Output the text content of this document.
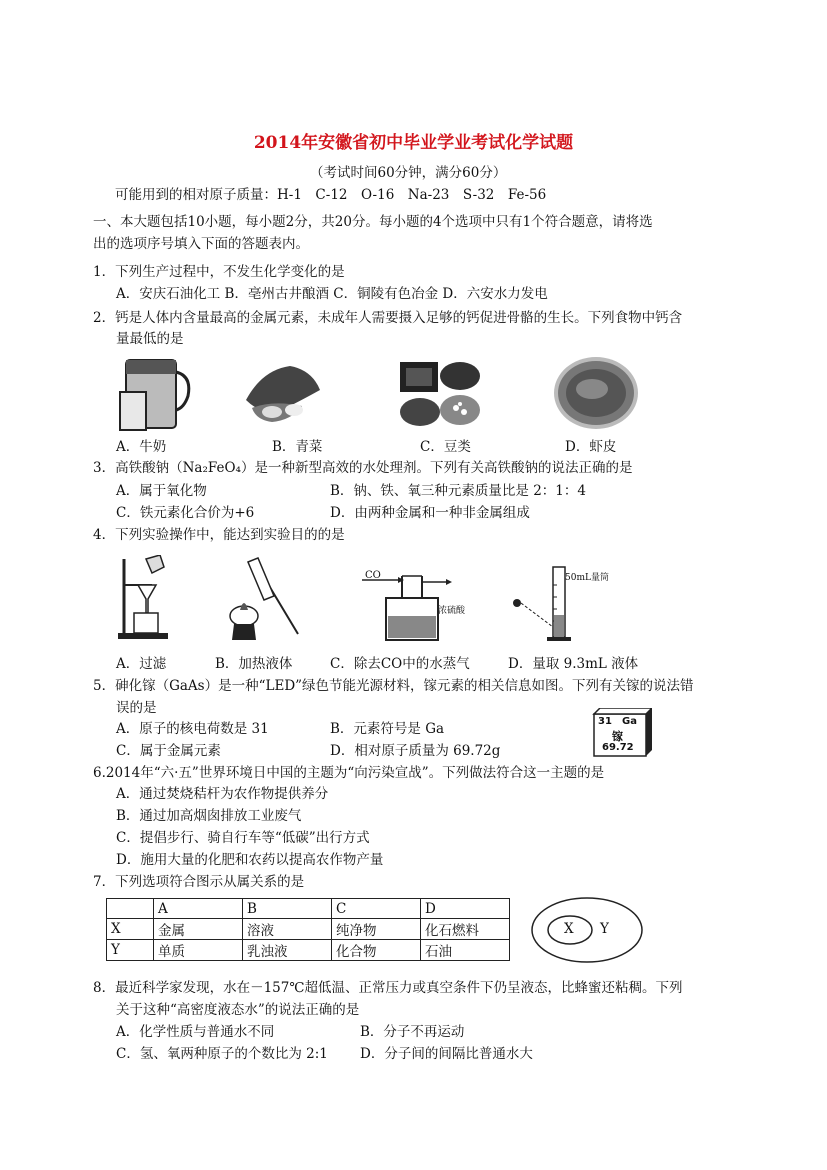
2014年安徽省初中毕业学业考试化学试题
（考试时间60分钟，满分60分）
可能用到的相对原子质量：H-1　C-12　O-16　Na-23　S-32　Fe-56
一、本大题包括10小题，每小题2分，共20分。每小题的4个选项中只有1个符合题意，请将选
出的选项序号填入下面的答题表内。
1．下列生产过程中，不发生化学变化的是
A．安庆石油化工 B．亳州古井酿酒 C．铜陵有色冶金 D．六安水力发电
2．钙是人体内含量最高的金属元素，未成年人需要摄入足够的钙促进骨骼的生长。下列食物中钙含
量最低的是
A．牛奶	B．青菜	C．豆类	D．虾皮
3．高铁酸钠（Na₂FeO₄）是一种新型高效的水处理剂。下列有关高铁酸钠的说法正确的是
A．属于氧化物	B．钠、铁、氧三种元素质量比是 2：1：4
C．铁元素化合价为+6	D．由两种金属和一种非金属组成
4．下列实验操作中，能达到实验目的的是
CO
浓硫酸
50mL量筒
A．过滤	B．加热液体	C．除去CO中的水蒸气	D．量取 9.3mL 液体
5．砷化镓（GaAs）是一种“LED”绿色节能光源材料，镓元素的相关信息如图。下列有关镓的说法错
误的是
A．原子的核电荷数是 31	B．元素符号是 Ga
C．属于金属元素	D．相对原子质量为 69.72g
31 Ga
镓
69.72
6.2014年“六·五”世界环境日中国的主题为“向污染宣战”。下列做法符合这一主题的是
A．通过焚烧秸杆为农作物提供养分
B．通过加高烟囱排放工业废气
C．提倡步行、骑自行车等“低碳”出行方式
D．施用大量的化肥和农药以提高农作物产量
7．下列选项符合图示从属关系的是
	A	B	C	D
X	金属	溶液	纯净物	化石燃料
Y	单质	乳浊液	化合物	石油
X Y
8．最近科学家发现，水在－157℃超低温、正常压力或真空条件下仍呈液态，比蜂蜜还粘稠。下列
关于这种“高密度液态水”的说法正确的是
A．化学性质与普通水不同	B．分子不再运动
C．氢、氧两种原子的个数比为 2:1 D．分子间的间隔比普通水大
